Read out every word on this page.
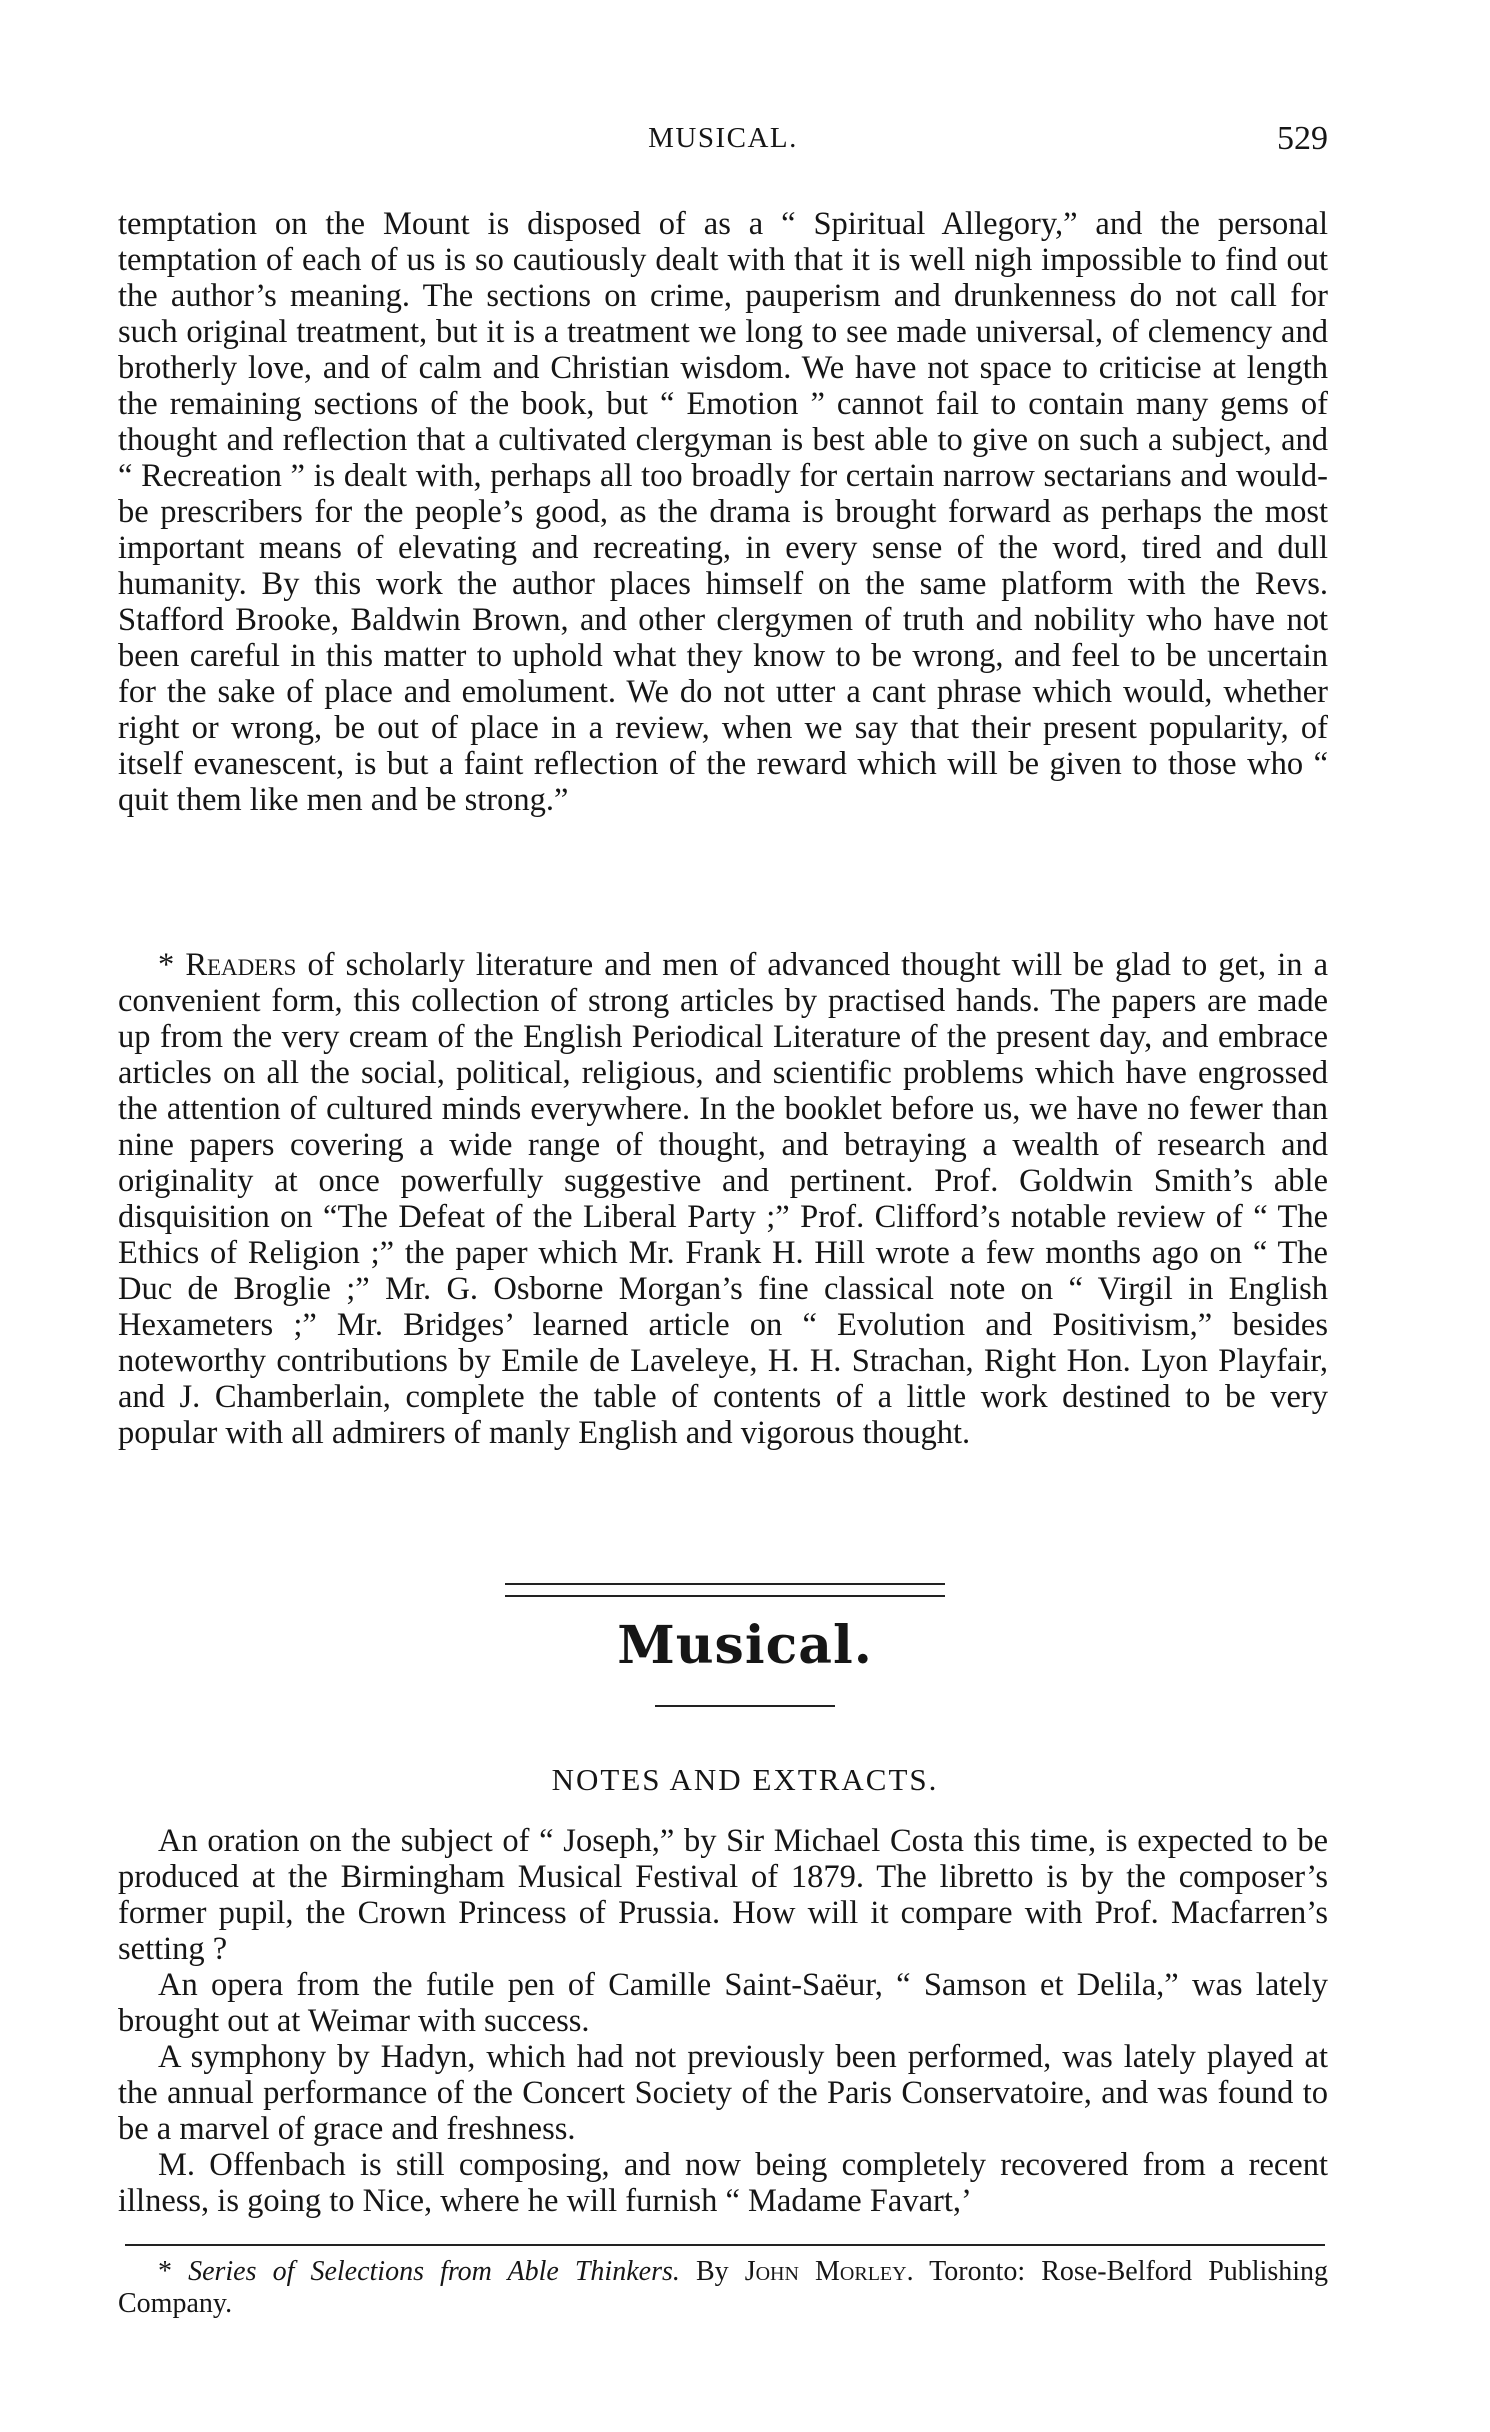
MUSICAL.	529

temptation on the Mount is disposed of as a “ Spiritual Allegory,” and the personal temptation of each of us is so cautiously dealt with that it is well nigh impossible to find out the author’s meaning. The sections on crime, pauperism and drunkenness do not call for such original treatment, but it is a treatment we long to see made universal, of clemency and brotherly love, and of calm and Christian wisdom. We have not space to criticise at length the remaining sections of the book, but “ Emotion ” cannot fail to contain many gems of thought and reflection that a cultivated clergyman is best able to give on such a subject, and “ Recreation ” is dealt with, perhaps all too broadly for certain narrow sectarians and would-be prescribers for the people’s good, as the drama is brought forward as perhaps the most important means of elevating and recreating, in every sense of the word, tired and dull humanity. By this work the author places himself on the same platform with the Revs. Stafford Brooke, Baldwin Brown, and other clergymen of truth and nobility who have not been careful in this matter to uphold what they know to be wrong, and feel to be uncertain for the sake of place and emolument. We do not utter a cant phrase which would, whether right or wrong, be out of place in a review, when we say that their present popularity, of itself evanescent, is but a faint reflection of the reward which will be given to those who “ quit them like men and be strong.”

* Readers of scholarly literature and men of advanced thought will be glad to get, in a convenient form, this collection of strong articles by practised hands. The papers are made up from the very cream of the English Periodical Literature of the present day, and embrace articles on all the social, political, religious, and scientific problems which have engrossed the attention of cultured minds everywhere. In the booklet before us, we have no fewer than nine papers covering a wide range of thought, and betraying a wealth of research and originality at once powerfully suggestive and pertinent. Prof. Goldwin Smith’s able disquisition on “The Defeat of the Liberal Party ;” Prof. Clifford’s notable review of “ The Ethics of Religion ;” the paper which Mr. Frank H. Hill wrote a few months ago on “ The Duc de Broglie ;” Mr. G. Osborne Morgan’s fine classical note on “ Virgil in English Hexameters ;” Mr. Bridges’ learned article on “ Evolution and Positivism,” besides noteworthy contributions by Emile de Laveleye, H. H. Strachan, Right Hon. Lyon Playfair, and J. Chamberlain, complete the table of contents of a little work destined to be very popular with all admirers of manly English and vigorous thought.

Musical.
NOTES AND EXTRACTS.

An oration on the subject of “ Joseph,” by Sir Michael Costa this time, is expected to be produced at the Birmingham Musical Festival of 1879. The libretto is by the composer’s former pupil, the Crown Princess of Prussia. How will it compare with Prof. Macfarren’s setting ?

An opera from the futile pen of Camille Saint-Saëur, “ Samson et Delila,” was lately brought out at Weimar with success.

A symphony by Hadyn, which had not previously been performed, was lately played at the annual performance of the Concert Society of the Paris Conservatoire, and was found to be a marvel of grace and freshness.

M. Offenbach is still composing, and now being completely recovered from a recent illness, is going to Nice, where he will furnish “ Madame Favart,’

* Series of Selections from Able Thinkers. By John Morley. Toronto: Rose-Belford Publishing Company.
